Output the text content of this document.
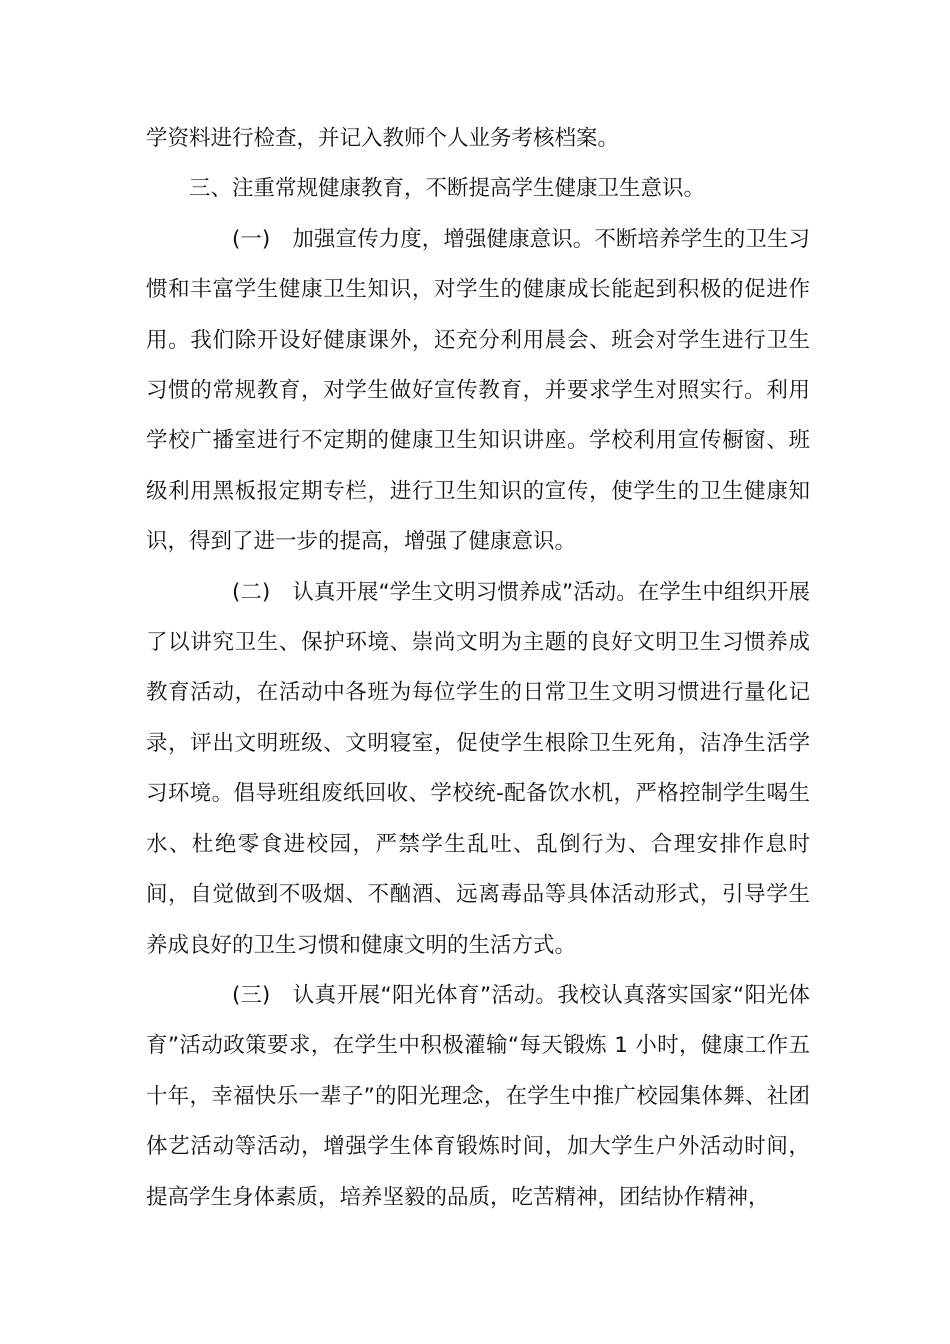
学资料进行检查，并记入教师个人业务考核档案。

三、注重常规健康教育，不断提高学生健康卫生意识。

(一) 加强宣传力度，增强健康意识。不断培养学生的卫生习惯和丰富学生健康卫生知识，对学生的健康成长能起到积极的促进作用。我们除开设好健康课外，还充分利用晨会、班会对学生进行卫生习惯的常规教育，对学生做好宣传教育，并要求学生对照实行。利用学校广播室进行不定期的健康卫生知识讲座。学校利用宣传橱窗、班级利用黑板报定期专栏，进行卫生知识的宣传，使学生的卫生健康知识，得到了进一步的提高，增强了健康意识。

(二) 认真开展“学生文明习惯养成”活动。在学生中组织开展了以讲究卫生、保护环境、崇尚文明为主题的良好文明卫生习惯养成教育活动，在活动中各班为每位学生的日常卫生文明习惯进行量化记录，评出文明班级、文明寝室，促使学生根除卫生死角，洁净生活学习环境。倡导班组废纸回收、学校统-配备饮水机，严格控制学生喝生水、杜绝零食进校园，严禁学生乱吐、乱倒行为、合理安排作息时间，自觉做到不吸烟、不酗酒、远离毒品等具体活动形式，引导学生养成良好的卫生习惯和健康文明的生活方式。

(三) 认真开展“阳光体育”活动。我校认真落实国家“阳光体育”活动政策要求，在学生中积极灌输“每天锻炼 1 小时，健康工作五十年，幸福快乐一辈子”的阳光理念，在学生中推广校园集体舞、社团体艺活动等活动，增强学生体育锻炼时间，加大学生户外活动时间，提高学生身体素质，培养坚毅的品质，吃苦精神，团结协作精神，
